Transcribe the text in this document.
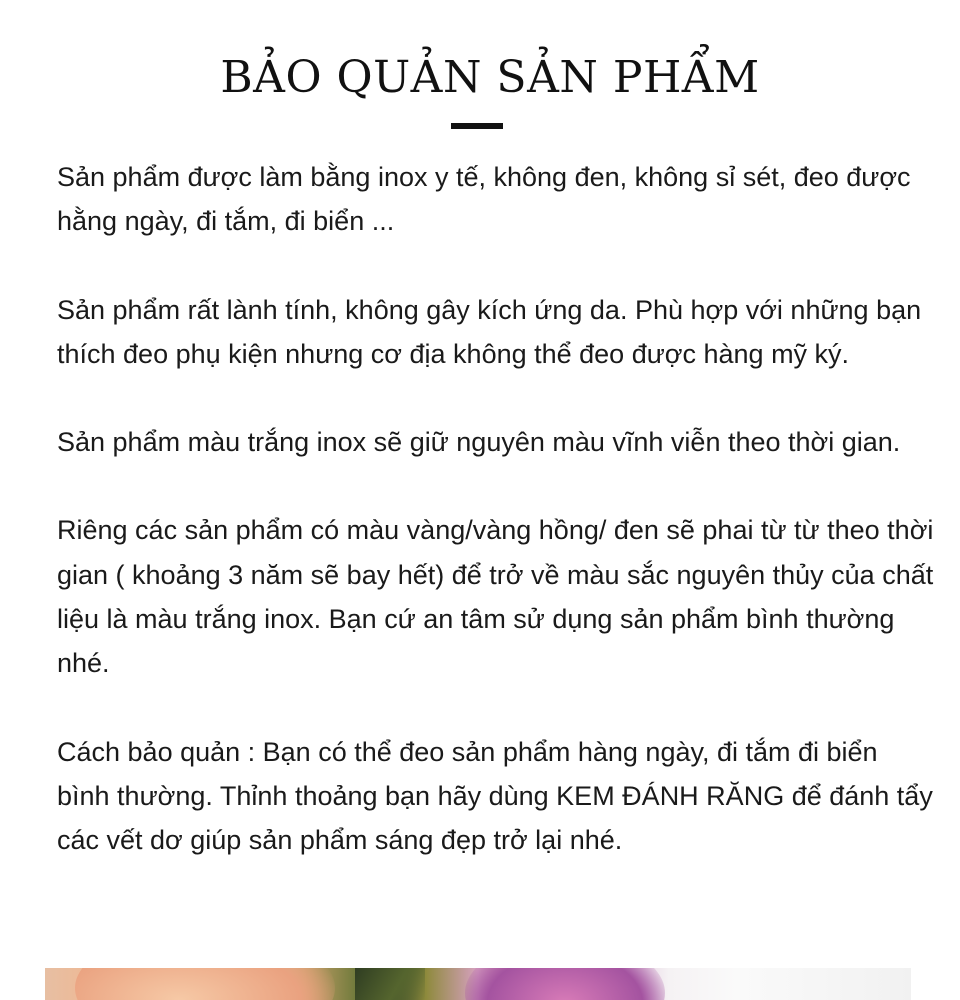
BẢO QUẢN SẢN PHẨM

Sản phẩm được làm bằng inox y tế, không đen, không sỉ sét, đeo được hằng ngày, đi tắm, đi biển ...

Sản phẩm rất lành tính, không gây kích ứng da. Phù hợp với những bạn thích đeo phụ kiện nhưng cơ địa không thể đeo được hàng mỹ ký.

Sản phẩm màu trắng inox sẽ giữ nguyên màu vĩnh viễn theo thời gian.

Riêng các sản phẩm có màu vàng/vàng hồng/ đen sẽ phai từ từ theo thời gian ( khoảng 3 năm sẽ bay hết) để trở về màu sắc nguyên thủy của chất liệu là màu trắng inox. Bạn cứ an tâm sử dụng sản phẩm bình thường nhé.

Cách bảo quản : Bạn có thể đeo sản phẩm hàng ngày, đi tắm đi biển bình thường. Thỉnh thoảng bạn hãy dùng KEM ĐÁNH RĂNG để đánh tẩy các vết dơ giúp sản phẩm sáng đẹp trở lại nhé.
